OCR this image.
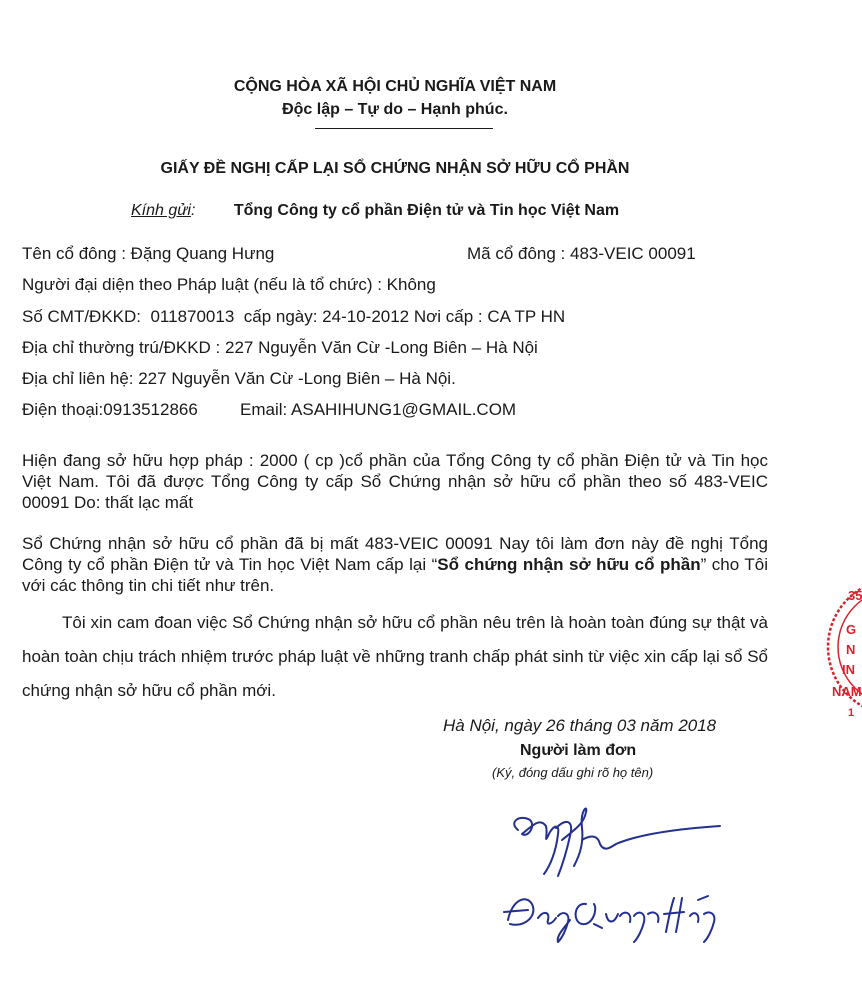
CỘNG HÒA XÃ HỘI CHỦ NGHĨA VIỆT NAM
Độc lập – Tự do – Hạnh phúc.
GIẤY ĐỀ NGHỊ CẤP LẠI SỔ CHỨNG NHẬN SỞ HỮU CỔ PHẦN
Kính gửi: Tổng Công ty cổ phần Điện tử và Tin học Việt Nam
Tên cổ đông : Đặng Quang Hưng	Mã cổ đông : 483-VEIC 00091
Người đại diện theo Pháp luật (nếu là tổ chức) : Không
Số CMT/ĐKKD:  011870013  cấp ngày: 24-10-2012 Nơi cấp : CA TP HN
Địa chỉ thường trú/ĐKKD : 227 Nguyễn Văn Cừ -Long Biên – Hà Nội
Địa chỉ liên hệ: 227 Nguyễn Văn Cừ -Long Biên – Hà Nội.
Điện thoại:0913512866 Email: ASAHIHUNG1@GMAIL.COM
Hiện đang sở hữu hợp pháp : 2000 ( cp )cổ phần của Tổng Công ty cổ phần Điện tử và Tin học Việt Nam. Tôi đã được Tổng Công ty cấp Sổ Chứng nhận sở hữu cổ phần theo số 483-VEIC 00091 Do: thất lạc mất
Sổ Chứng nhận sở hữu cổ phần đã bị mất 483-VEIC 00091 Nay tôi làm đơn này đề nghị Tổng Công ty cổ phần Điện tử và Tin học Việt Nam cấp lại “Sổ chứng nhận sở hữu cổ phần” cho Tôi với các thông tin chi tiết như trên.
Tôi xin cam đoan việc Sổ Chứng nhận sở hữu cổ phần nêu trên là hoàn toàn đúng sự thật và hoàn toàn chịu trách nhiệm trước pháp luật về những tranh chấp phát sinh từ việc xin cấp lại sổ Sổ chứng nhận sở hữu cổ phần mới.
Hà Nội, ngày 26 tháng 03 năm 2018
Người làm đơn
(Ký, đóng dấu ghi rõ họ tên)
35
G
N
IN
NAM
1
